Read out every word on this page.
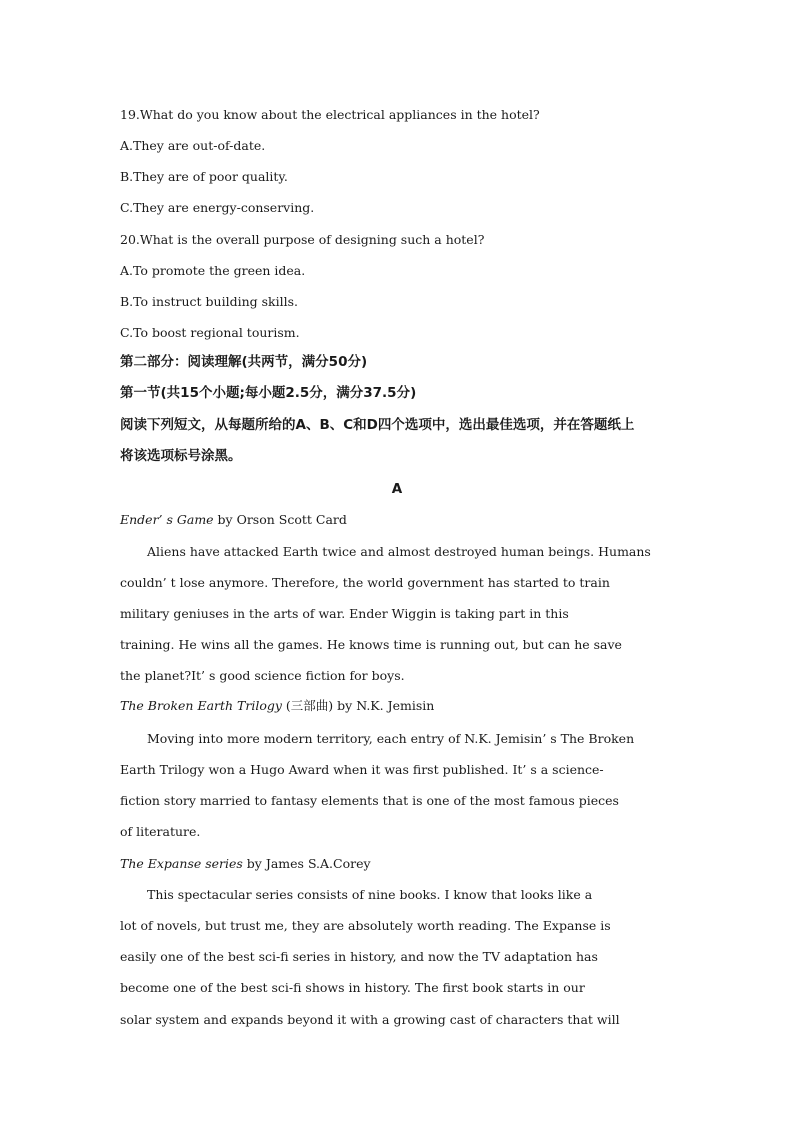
19.What do you know about the electrical appliances in the hotel?
A.They are out-of-date.
B.They are of poor quality.
C.They are energy-conserving.
20.What is the overall purpose of designing such a hotel?
A.To promote the green idea.
B.To instruct building skills.
C.To boost regional tourism.
第二部分：阅读理解(共两节，满分50分)
第一节(共15个小题;每小题2.5分，满分37.5分)
阅读下列短文，从每题所给的A、B、C和D四个选项中，选出最佳选项，并在答题纸上
将该选项标号涂黑。
A
Ender’ s Game by Orson Scott Card
Aliens have attacked Earth twice and almost destroyed human beings. Humans
couldn’ t lose anymore. Therefore, the world government has started to train
military geniuses in the arts of war. Ender Wiggin is taking part in this
training. He wins all the games. He knows time is running out, but can he save
the planet?It’ s good science fiction for boys.
The Broken Earth Trilogy (三部曲) by N.K. Jemisin
Moving into more modern territory, each entry of N.K. Jemisin’ s The Broken
Earth Trilogy won a Hugo Award when it was first published. It’ s a science-
fiction story married to fantasy elements that is one of the most famous pieces
of literature.
The Expanse series by James S.A.Corey
This spectacular series consists of nine books. I know that looks like a
lot of novels, but trust me, they are absolutely worth reading. The Expanse is
easily one of the best sci-fi series in history, and now the TV adaptation has
become one of the best sci-fi shows in history. The first book starts in our
solar system and expands beyond it with a growing cast of characters that will
